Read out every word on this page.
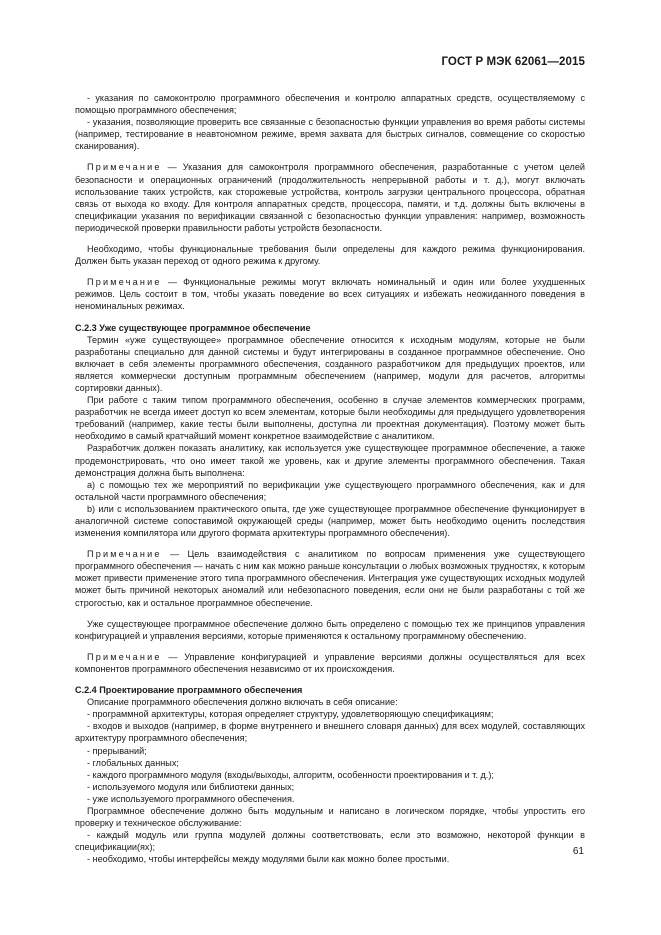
ГОСТ Р МЭК 62061—2015

- указания по самоконтролю программного обеспечения и контролю аппаратных средств, осуществляемому с помощью программного обеспечения;

- указания, позволяющие проверить все связанные с безопасностью функции управления во время работы системы (например, тестирование в неавтономном режиме, время захвата для быстрых сигналов, совмещение со скоростью сканирования).

Примечание — Указания для самоконтроля программного обеспечения, разработанные с учетом целей безопасности и операционных ограничений (продолжительность непрерывной работы и т. д.), могут включать использование таких устройств, как сторожевые устройства, контроль загрузки центрального процессора, обратная связь от выхода ко входу. Для контроля аппаратных средств, процессора, памяти, и т.д. должны быть включены в спецификации указания по верификации связанной с безопасностью функции управления: например, возможность периодической проверки правильности работы устройств безопасности.

Необходимо, чтобы функциональные требования были определены для каждого режима функционирования. Должен быть указан переход от одного режима к другому.

Примечание — Функциональные режимы могут включать номинальный и один или более ухудшенных режимов. Цель состоит в том, чтобы указать поведение во всех ситуациях и избежать неожиданного поведения в неноминальных режимах.

С.2.3 Уже существующее программное обеспечение

Термин «уже существующее» программное обеспечение относится к исходным модулям, которые не были разработаны специально для данной системы и будут интегрированы в созданное программное обеспечение. Оно включает в себя элементы программного обеспечения, созданного разработчиком для предыдущих проектов, или является коммерчески доступным программным обеспечением (например, модули для расчетов, алгоритмы сортировки данных).

При работе с таким типом программного обеспечения, особенно в случае элементов коммерческих программ, разработчик не всегда имеет доступ ко всем элементам, которые были необходимы для предыдущего удовлетворения требований (например, какие тесты были выполнены, доступна ли проектная документация). Поэтому может быть необходимо в самый кратчайший момент конкретное взаимодействие с аналитиком.

Разработчик должен показать аналитику, как используется уже существующее программное обеспечение, а также продемонстрировать, что оно имеет такой же уровень, как и другие элементы программного обеспечения. Такая демонстрация должна быть выполнена:

а) с помощью тех же мероприятий по верификации уже существующего программного обеспечения, как и для остальной части программного обеспечения;

b) или с использованием практического опыта, где уже существующее программное обеспечение функционирует в аналогичной системе сопоставимой окружающей среды (например, может быть необходимо оценить последствия изменения компилятора или другого формата архитектуры программного обеспечения).

Примечание — Цель взаимодействия с аналитиком по вопросам применения уже существующего программного обеспечения — начать с ним как можно раньше консультации о любых возможных трудностях, к которым может привести применение этого типа программного обеспечения. Интеграция уже существующих исходных модулей может быть причиной некоторых аномалий или небезопасного поведения, если они не были разработаны с той же строгостью, как и остальное программное обеспечение.

Уже существующее программное обеспечение должно быть определено с помощью тех же принципов управления конфигурацией и управления версиями, которые применяются к остальному программному обеспечению.

Примечание — Управление конфигурацией и управление версиями должны осуществляться для всех компонентов программного обеспечения независимо от их происхождения.

С.2.4 Проектирование программного обеспечения

Описание программного обеспечения должно включать в себя описание:

- программной архитектуры, которая определяет структуру, удовлетворяющую спецификациям;

- входов и выходов (например, в форме внутреннего и внешнего словаря данных) для всех модулей, составляющих архитектуру программного обеспечения;

- прерываний;

- глобальных данных;

- каждого программного модуля (входы/выходы, алгоритм, особенности проектирования и т. д.);

- используемого модуля или библиотеки данных;

- уже используемого программного обеспечения.

Программное обеспечение должно быть модульным и написано в логическом порядке, чтобы упростить его проверку и техническое обслуживание:

- каждый модуль или группа модулей должны соответствовать, если это возможно, некоторой функции в спецификации(ях);

- необходимо, чтобы интерфейсы между модулями были как можно более простыми.

61
